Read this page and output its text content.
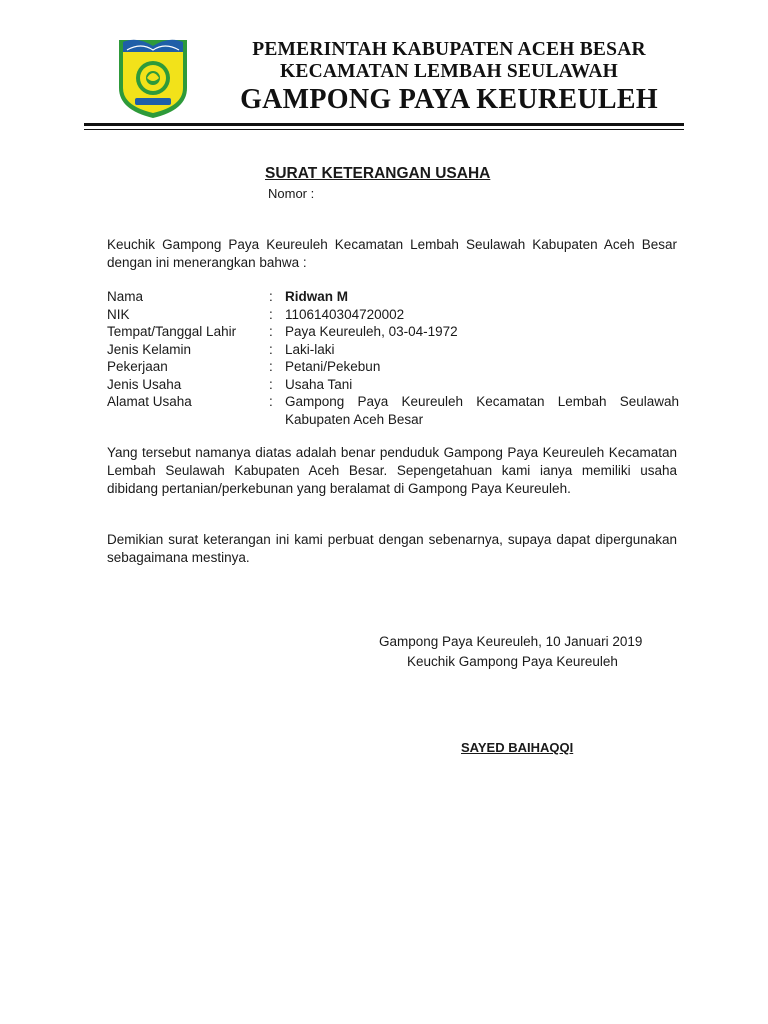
PEMERINTAH KABUPATEN ACEH BESAR
KECAMATAN LEMBAH SEULAWAH
GAMPONG PAYA KEUREULEH
SURAT KETERANGAN USAHA
Nomor :
Keuchik Gampong Paya Keureuleh Kecamatan Lembah Seulawah Kabupaten Aceh Besar dengan ini menerangkan bahwa :
Nama	: Ridwan M
NIK	: 1106140304720002
Tempat/Tanggal Lahir	: Paya Keureuleh, 03-04-1972
Jenis Kelamin	: Laki-laki
Pekerjaan	: Petani/Pekebun
Jenis Usaha	: Usaha Tani
Alamat Usaha	: Gampong Paya Keureuleh Kecamatan Lembah Seulawah Kabupaten Aceh Besar
Yang tersebut namanya diatas adalah benar penduduk Gampong Paya Keureuleh Kecamatan Lembah Seulawah Kabupaten Aceh Besar. Sepengetahuan kami ianya memiliki usaha dibidang pertanian/perkebunan yang beralamat di Gampong Paya Keureuleh.
Demikian surat keterangan ini kami perbuat dengan sebenarnya, supaya dapat dipergunakan sebagaimana mestinya.
Gampong Paya Keureuleh, 10 Januari 2019
Keuchik Gampong Paya Keureuleh
SAYED BAIHAQQI
